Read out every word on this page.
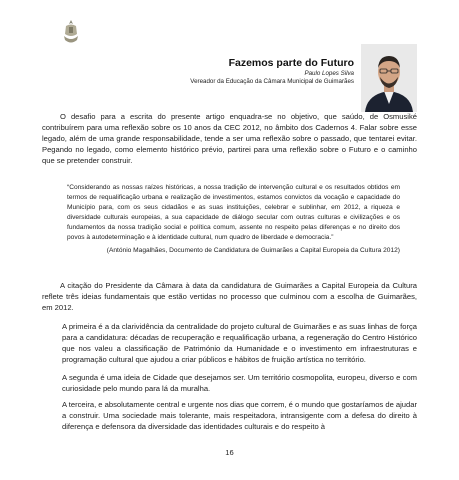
Fazemos parte do Futuro
Paulo Lopes Silva
Vereador da Educação da Câmara Municipal de Guimarães

O desafio para a escrita do presente artigo enquadra-se no objetivo, que saúdo, de Osmusiké contribuírem para uma reflexão sobre os 10 anos da CEC 2012, no âmbito dos Cadernos 4. Falar sobre esse legado, além de uma grande responsabilidade, tende a ser uma reflexão sobre o passado, que tentarei evitar. Pegando no legado, como elemento histórico prévio, partirei para uma reflexão sobre o Futuro e o caminho que se pretender construir.

“Considerando as nossas raízes históricas, a nossa tradição de intervenção cultural e os resultados obtidos em termos de requalificação urbana e realização de investimentos, estamos convictos da vocação e capacidade do Município para, com os seus cidadãos e as suas instituições, celebrar e sublinhar, em 2012, a riqueza e diversidade culturais europeias, a sua capacidade de diálogo secular com outras culturas e civilizações e os fundamentos da nossa tradição social e política comum, assente no respeito pelas diferenças e no direito dos povos à autodeterminação e à identidade cultural, num quadro de liberdade e democracia.”

(António Magalhães, Documento de Candidatura de Guimarães a Capital Europeia da Cultura 2012)

A citação do Presidente da Câmara à data da candidatura de Guimarães a Capital Europeia da Cultura reflete três ideias fundamentais que estão vertidas no processo que culminou com a escolha de Guimarães, em 2012.

A primeira é a da clarividência da centralidade do projeto cultural de Guimarães e as suas linhas de força para a candidatura: décadas de recuperação e requalificação urbana, a regeneração do Centro Histórico que nos valeu a classificação de Património da Humanidade e o investimento em infraestruturas e programação cultural que ajudou a criar públicos e hábitos de fruição artística no território.

A segunda é uma ideia de Cidade que desejamos ser. Um território cosmopolita, europeu, diverso e com curiosidade pelo mundo para lá da muralha.

A terceira, e absolutamente central e urgente nos dias que correm, é o mundo que gostaríamos de ajudar a construir. Uma sociedade mais tolerante, mais respeitadora, intransigente com a defesa do direito à diferença e defensora da diversidade das identidades culturais e do respeito à

16
